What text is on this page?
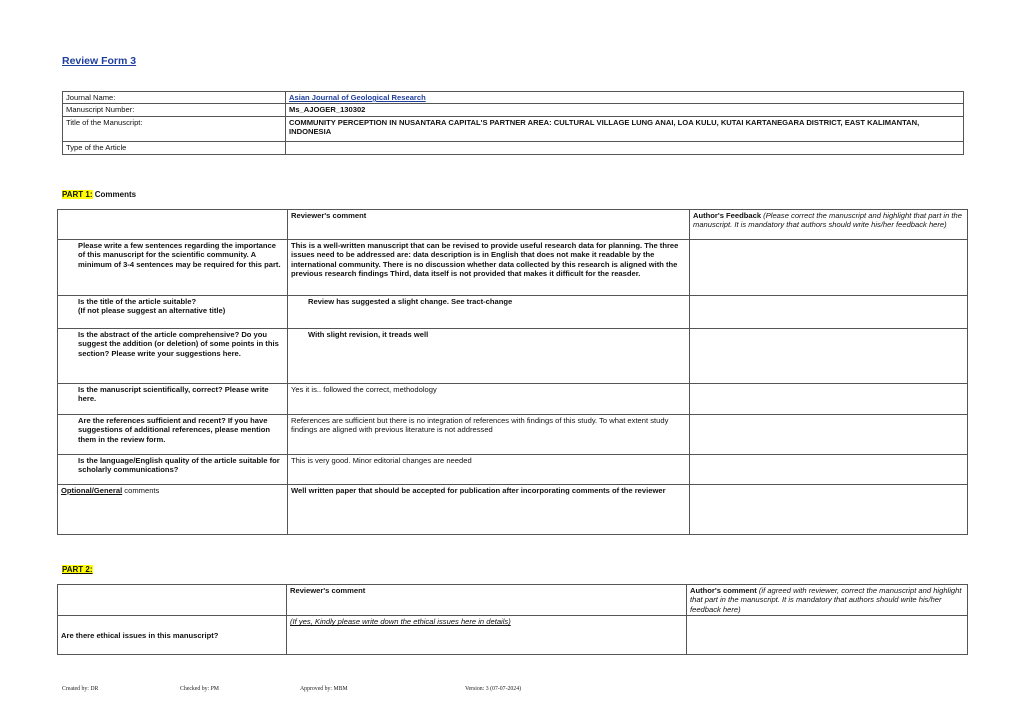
Review Form 3
Journal Name:	Asian Journal of Geological Research
Manuscript Number:	Ms_AJOGER_130302
Title of the Manuscript:	COMMUNITY PERCEPTION IN NUSANTARA CAPITAL'S PARTNER AREA: CULTURAL VILLAGE LUNG ANAI, LOA KULU, KUTAI KARTANEGARA DISTRICT, EAST KALIMANTAN, INDONESIA
Type of the Article	
PART 1: Comments
	Reviewer's comment	Author's Feedback (Please correct the manuscript and highlight that part in the manuscript. It is mandatory that authors should write his/her feedback here)
Please write a few sentences regarding the importance of this manuscript for the scientific community. A minimum of 3-4 sentences may be required for this part.	This is a well-written manuscript that can be revised to provide useful research data for planning. The three issues need to be addressed are: data description is in English that does not make it readable by the international community. There is no discussion whether data collected by this research is aligned with the previous research findings Third, data itself is not provided that makes it difficult for the reasder.	
Is the title of the article suitable?
(If not please suggest an alternative title)	Review has suggested a slight change. See tract-change	
Is the abstract of the article comprehensive? Do you suggest the addition (or deletion) of some points in this section? Please write your suggestions here.	With slight revision, it treads well	
Is the manuscript scientifically, correct? Please write here.	Yes it is.. followed the correct, methodology	
Are the references sufficient and recent? If you have suggestions of additional references, please mention them in the review form.	References are sufficient but there is no integration of references with findings of this study. To what extent study findings are aligned with previous literature is not addressed	
Is the language/English quality of the article suitable for scholarly communications?	This is very good. Minor editorial changes are needed	
Optional/General comments	Well written paper that should be accepted for publication after incorporating comments of the reviewer	
PART 2:
	Reviewer's comment	Author's comment (if agreed with reviewer, correct the manuscript and highlight that part in the manuscript. It is mandatory that authors should write his/her feedback here)
Are there ethical issues in this manuscript?	(If yes, Kindly please write down the ethical issues here in details)	
Created by: DR	Checked by: PM	Approved by: MBM	Version: 3 (07-07-2024)
